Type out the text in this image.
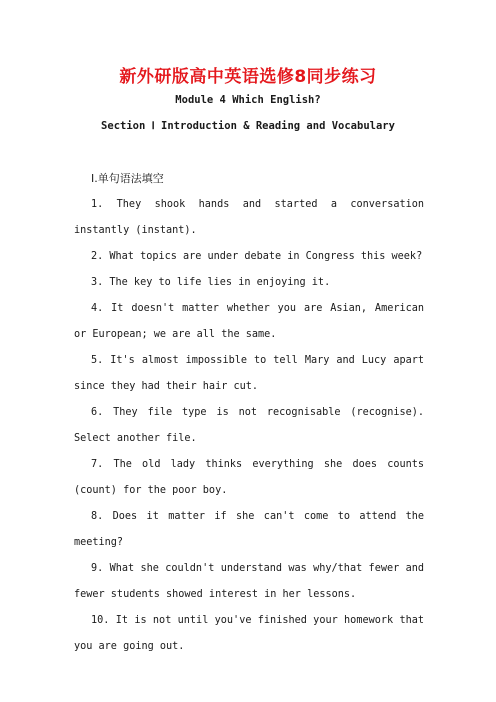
新外研版高中英语选修8同步练习
Module 4 Which English?
Section Ⅰ Introduction & Reading and Vocabulary
Ⅰ.单句语法填空

1. They shook hands and started a conversation instantly (instant).

2. What topics are under debate in Congress this week?

3. The key to life lies in enjoying it.

4. It doesn't matter whether you are Asian, American or European; we are all the same.

5. It's almost impossible to tell Mary and Lucy apart since they had their hair cut.

6. They file type is not recognisable (recognise). Select another file.

7. The old lady thinks everything she does counts (count) for the poor boy.

8. Does it matter if she can't come to attend the meeting?

9. What she couldn't understand was why/that fewer and fewer students showed interest in her lessons.

10. It is not until you've finished your homework that you are going out.
